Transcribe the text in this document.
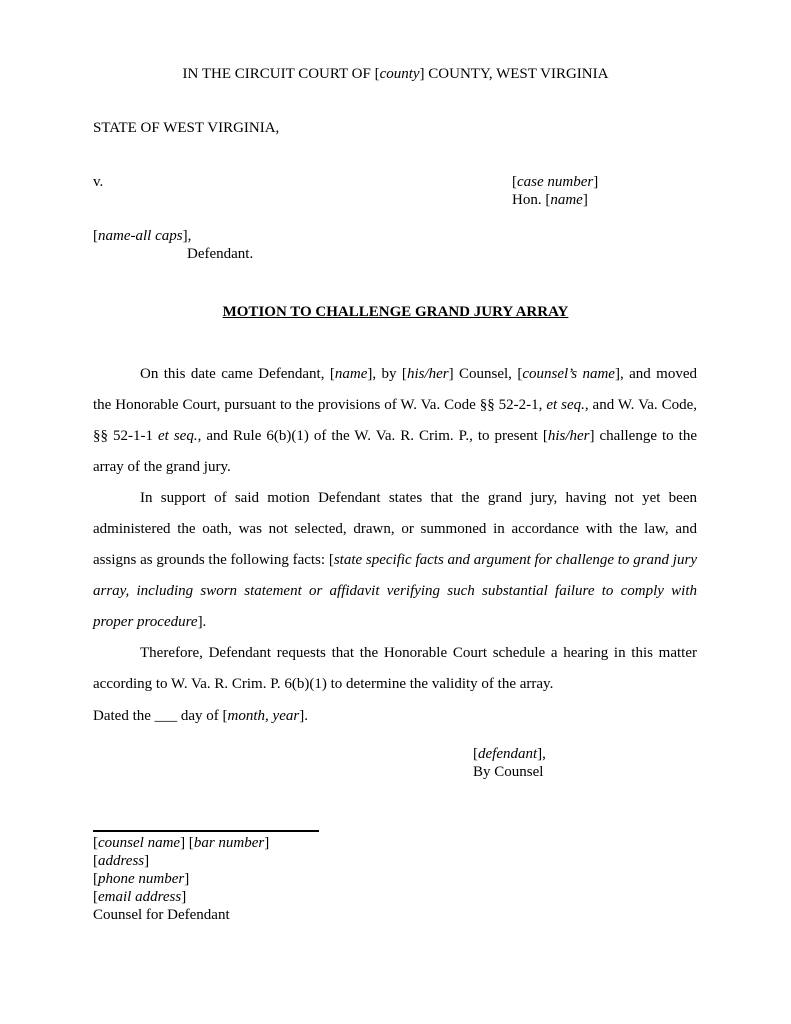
IN THE CIRCUIT COURT OF [county] COUNTY, WEST VIRGINIA
STATE OF WEST VIRGINIA,
v.	[case number]
Hon. [name]
[name-all caps],
Defendant.
MOTION TO CHALLENGE GRAND JURY ARRAY
On this date came Defendant, [name], by [his/her] Counsel, [counsel’s name], and moved the Honorable Court, pursuant to the provisions of W. Va. Code §§ 52-2-1, et seq., and W. Va. Code, §§ 52-1-1 et seq., and Rule 6(b)(1) of the W. Va. R. Crim. P., to present [his/her] challenge to the array of the grand jury.
In support of said motion Defendant states that the grand jury, having not yet been administered the oath, was not selected, drawn, or summoned in accordance with the law, and assigns as grounds the following facts: [state specific facts and argument for challenge to grand jury array, including sworn statement or affidavit verifying such substantial failure to comply with proper procedure].
Therefore, Defendant requests that the Honorable Court schedule a hearing in this matter according to W. Va. R. Crim. P. 6(b)(1) to determine the validity of the array.
Dated the ___ day of [month, year].
[defendant],
By Counsel
[counsel name] [bar number]
[address]
[phone number]
[email address]
Counsel for Defendant
